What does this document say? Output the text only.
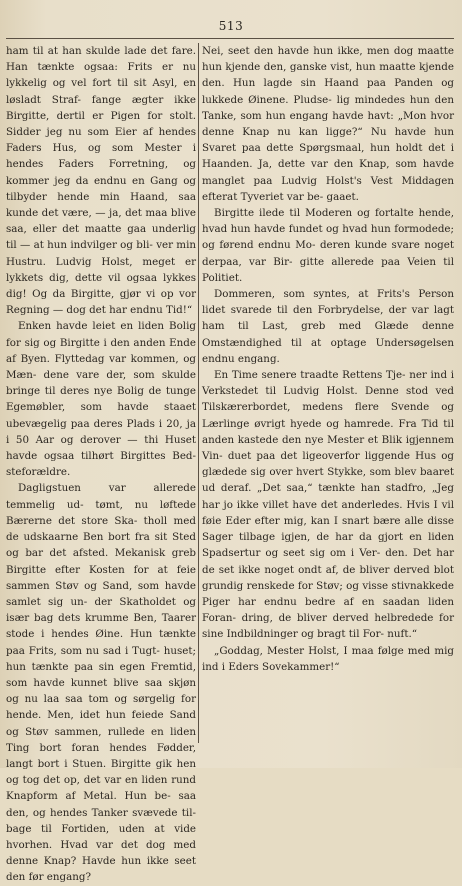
513

ham til at han skulde lade det fare. Han tænkte ogsaa: Frits er nu lykkelig og vel fort til sit Asyl, en løsladt Straf- fange ægter ikke Birgitte, dertil er Pigen for stolt. Sidder jeg nu som Eier af hendes Faders Hus, og som Mester i hendes Faders Forretning, og kommer jeg da endnu en Gang og tilbyder hende min Haand, saa kunde det være, — ja, det maa blive saa, eller det maatte gaa underlig til — at hun indvilger og bli- ver min Hustru. Ludvig Holst, meget er lykkets dig, dette vil ogsaa lykkes dig! Og da Birgitte, gjør vi op vor Regning — dog det har endnu Tid!“

Enken havde leiet en liden Bolig for sig og Birgitte i den anden Ende af Byen. Flyttedag var kommen, og Mæn- dene vare der, som skulde bringe til deres nye Bolig de tunge Egemøbler, som havde staaet ubevægelig paa deres Plads i 20, ja i 50 Aar og derover — thi Huset havde ogsaa tilhørt Birgittes Bed- steforældre.

Dagligstuen var allerede temmelig ud- tømt, nu løftede Bærerne det store Ska- tholl med de udskaarne Ben bort fra sit Sted og bar det afsted. Mekanisk greb Birgitte efter Kosten for at feie sammen Støv og Sand, som havde samlet sig un- der Skatholdet og især bag dets krumme Ben, Taarer stode i hendes Øine. Hun tænkte paa Frits, som nu sad i Tugt- huset; hun tænkte paa sin egen Fremtid, som havde kunnet blive saa skjøn og nu laa saa tom og sørgelig for hende. Men, idet hun feiede Sand og Støv sammen, rullede en liden Ting bort foran hendes Fødder, langt bort i Stuen. Birgitte gik hen og tog det op, det var en liden rund Knapform af Metal. Hun be- saa den, og hendes Tanker svævede til- bage til Fortiden, uden at vide hvorhen. Hvad var det dog med denne Knap? Havde hun ikke seet den før engang?

Nei, seet den havde hun ikke, men dog maatte hun kjende den, ganske vist, hun maatte kjende den. Hun lagde sin Haand paa Panden og lukkede Øinene. Pludse- lig mindedes hun den Tanke, som hun engang havde havt: „Mon hvor denne Knap nu kan ligge?“ Nu havde hun Svaret paa dette Spørgsmaal, hun holdt det i Haanden. Ja, dette var den Knap, som havde manglet paa Ludvig Holst's Vest Middagen efterat Tyveriet var be- gaaet.

Birgitte ilede til Moderen og fortalte hende, hvad hun havde fundet og hvad hun formodede; og førend endnu Mo- deren kunde svare noget derpaa, var Bir- gitte allerede paa Veien til Politiet.

Dommeren, som syntes, at Frits's Person lidet svarede til den Forbrydelse, der var lagt ham til Last, greb med Glæde denne Omstændighed til at optage Undersøgelsen endnu engang.

En Time senere traadte Rettens Tje- ner ind i Verkstedet til Ludvig Holst. Denne stod ved Tilskærerbordet, medens flere Svende og Lærlinge øvrigt hyede og hamrede. Fra Tid til anden kastede den nye Mester et Blik igjennem Vin- duet paa det ligeoverfor liggende Hus og glædede sig over hvert Stykke, som blev baaret ud deraf. „Det saa,“ tænkte han stadfro, „Jeg har jo ikke villet have det anderledes. Hvis I vil føie Eder efter mig, kan I snart bære alle disse Sager tilbage igjen, de har da gjort en liden Spadsertur og seet sig om i Ver- den. Det har de set ikke noget ondt af, de bliver derved blot grundig renskede for Støv; og visse stivnakkede Piger har endnu bedre af en saadan liden Foran- dring, de bliver derved helbredede for sine Indbildninger og bragt til For- nuft.“

„Goddag, Mester Holst, I maa følge med mig ind i Eders Sovekammer!“
